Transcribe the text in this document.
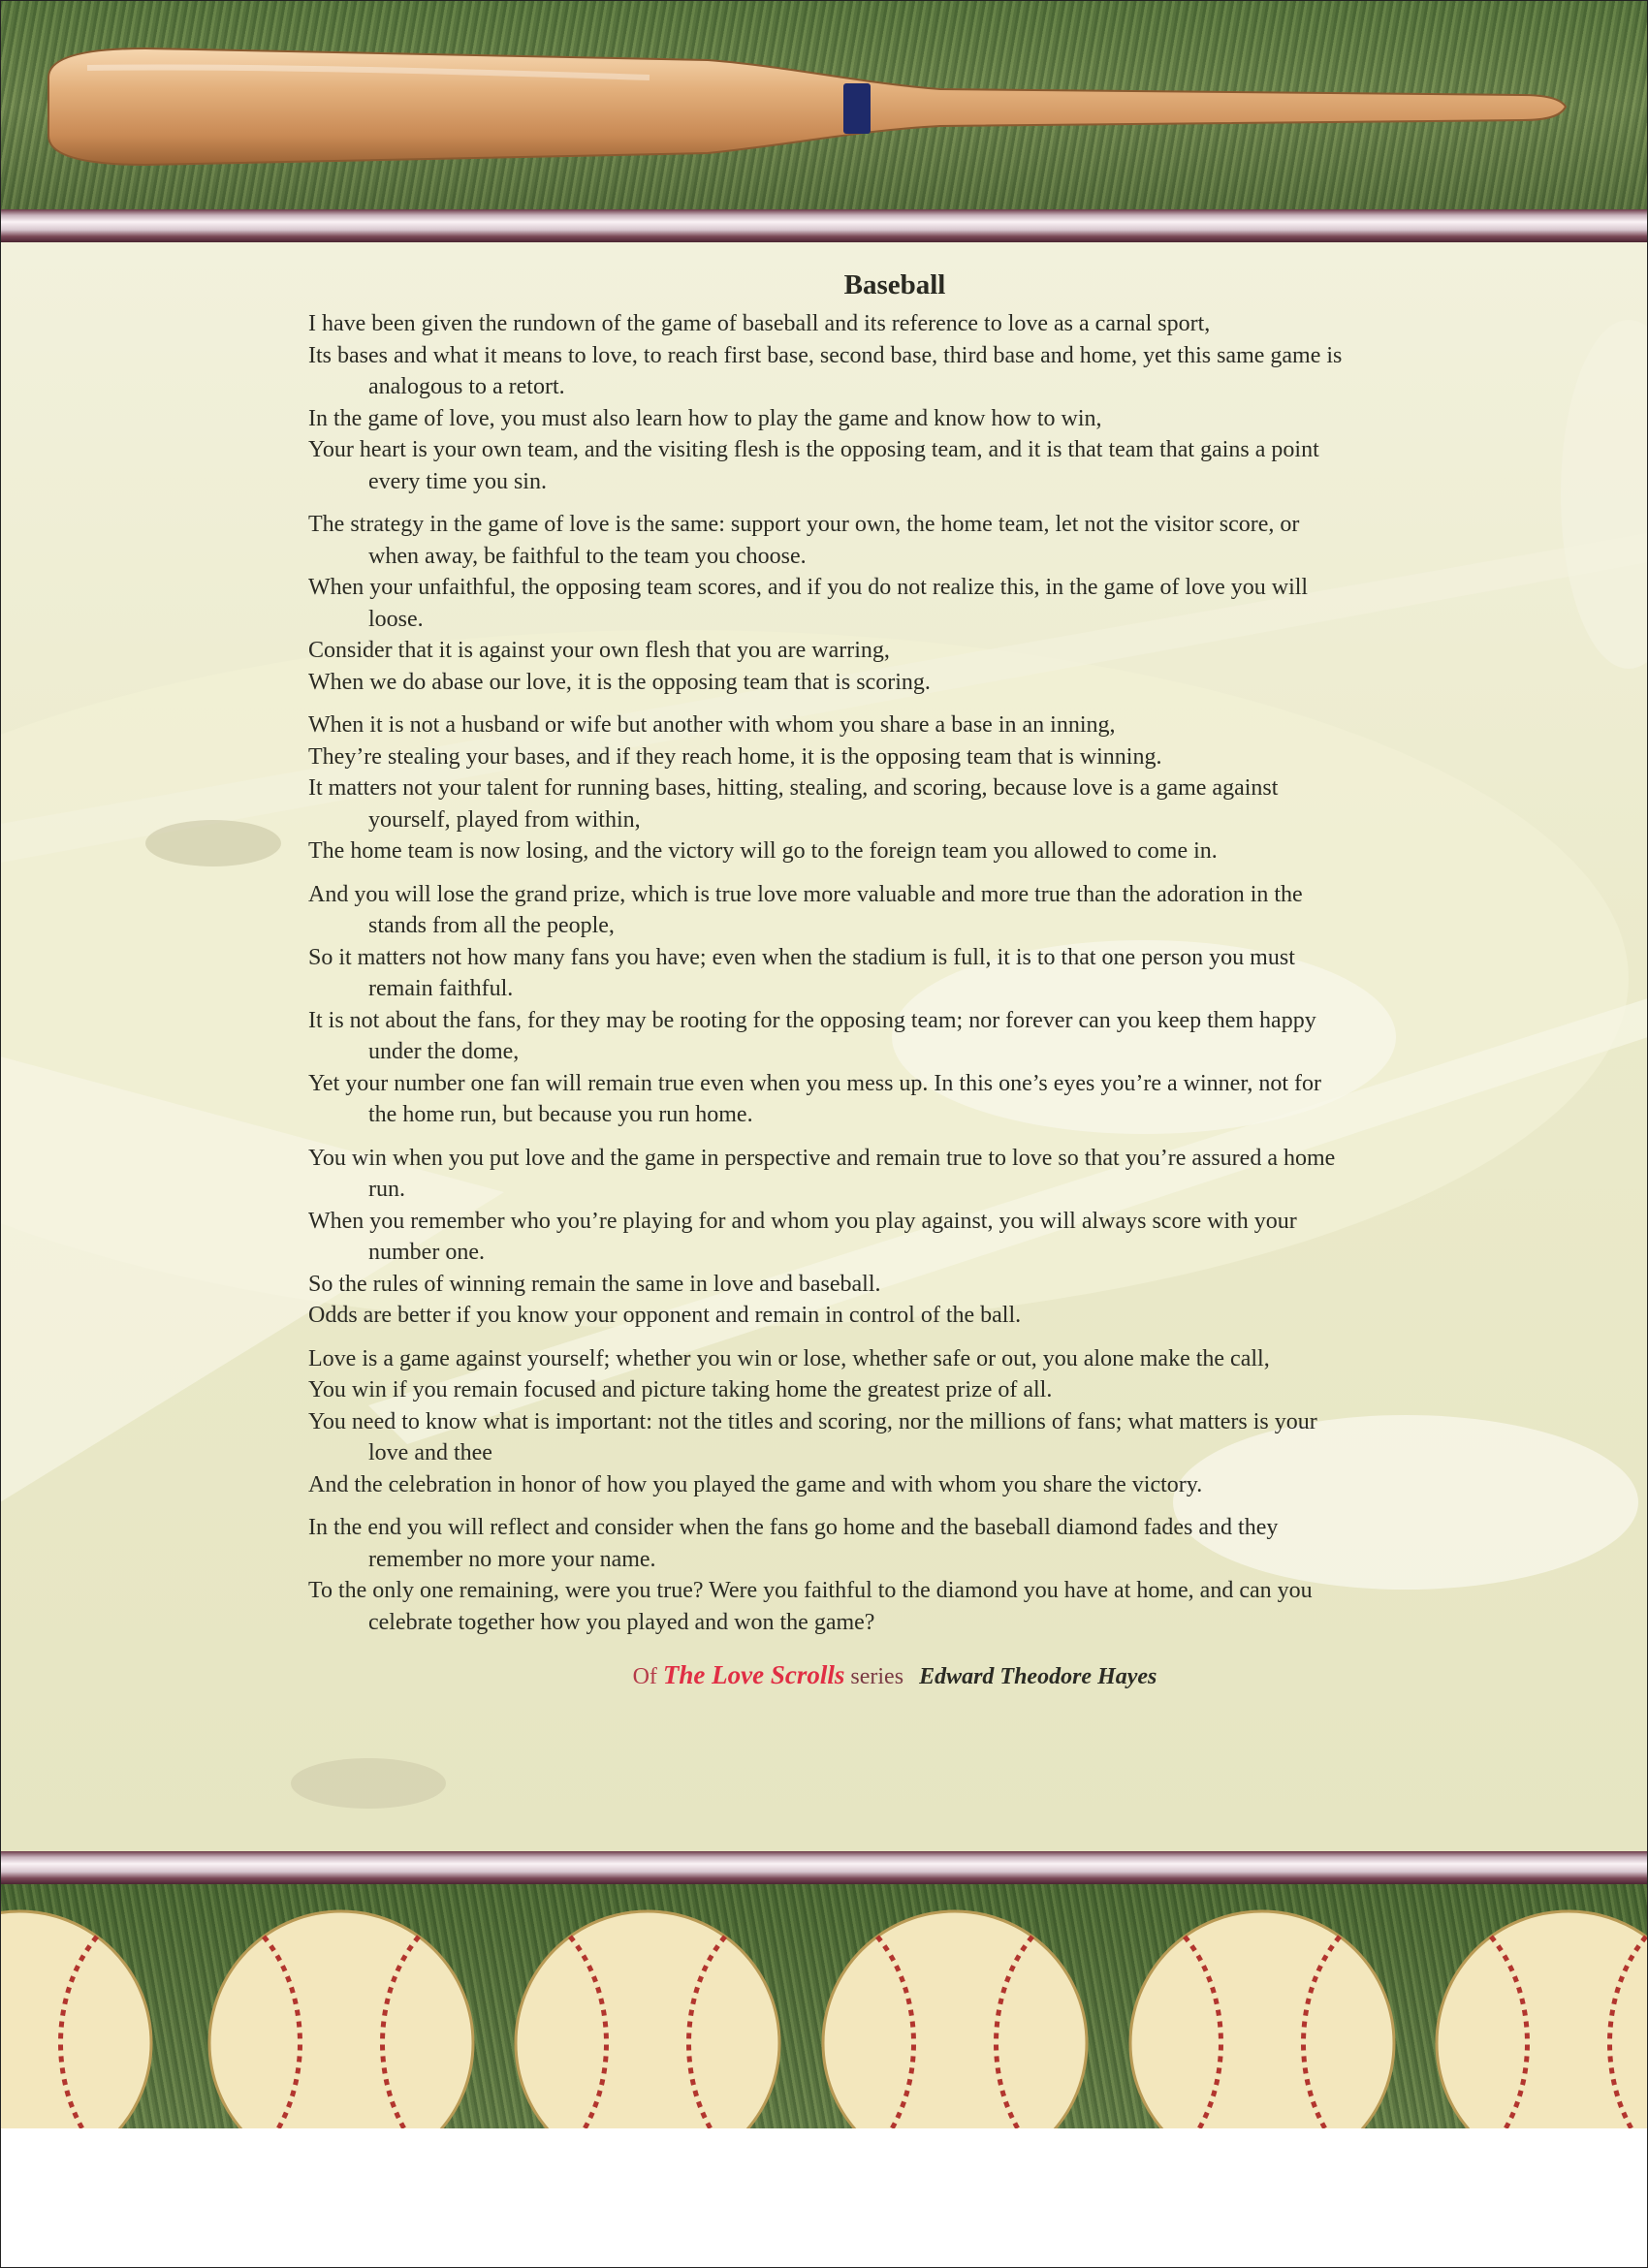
Baseball
I have been given the rundown of the game of baseball and its reference to love as a carnal sport,
Its bases and what it means to love, to reach first base, second base, third base and home, yet this same game is analogous to a retort.
In the game of love, you must also learn how to play the game and know how to win,
Your heart is your own team, and the visiting flesh is the opposing team, and it is that team that gains a point every time you sin.
The strategy in the game of love is the same: support your own, the home team, let not the visitor score, or when away, be faithful to the team you choose.
When your unfaithful, the opposing team scores, and if you do not realize this, in the game of love you will loose.
Consider that it is against your own flesh that you are warring,
When we do abase our love, it is the opposing team that is scoring.
When it is not a husband or wife but another with whom you share a base in an inning,
They’re stealing your bases, and if they reach home, it is the opposing team that is winning.
It matters not your talent for running bases, hitting, stealing, and scoring, because love is a game against yourself, played from within,
The home team is now losing, and the victory will go to the foreign team you allowed to come in.
And you will lose the grand prize, which is true love more valuable and more true than the adoration in the stands from all the people,
So it matters not how many fans you have; even when the stadium is full, it is to that one person you must remain faithful.
It is not about the fans, for they may be rooting for the opposing team; nor forever can you keep them happy under the dome,
Yet your number one fan will remain true even when you mess up. In this one’s eyes you’re a winner, not for the home run, but because you run home.
You win when you put love and the game in perspective and remain true to love so that you’re assured a home run.
When you remember who you’re playing for and whom you play against, you will always score with your number one.
So the rules of winning remain the same in love and baseball.
Odds are better if you know your opponent and remain in control of the ball.
Love is a game against yourself; whether you win or lose, whether safe or out, you alone make the call,
You win if you remain focused and picture taking home the greatest prize of all.
You need to know what is important: not the titles and scoring, nor the millions of fans; what matters is your love and thee
And the celebration in honor of how you played the game and with whom you share the victory.
In the end you will reflect and consider when the fans go home and the baseball diamond fades and they remember no more your name.
To the only one remaining, were you true? Were you faithful to the diamond you have at home, and can you celebrate together how you played and won the game?
Of The Love Scrolls series Edward Theodore Hayes
